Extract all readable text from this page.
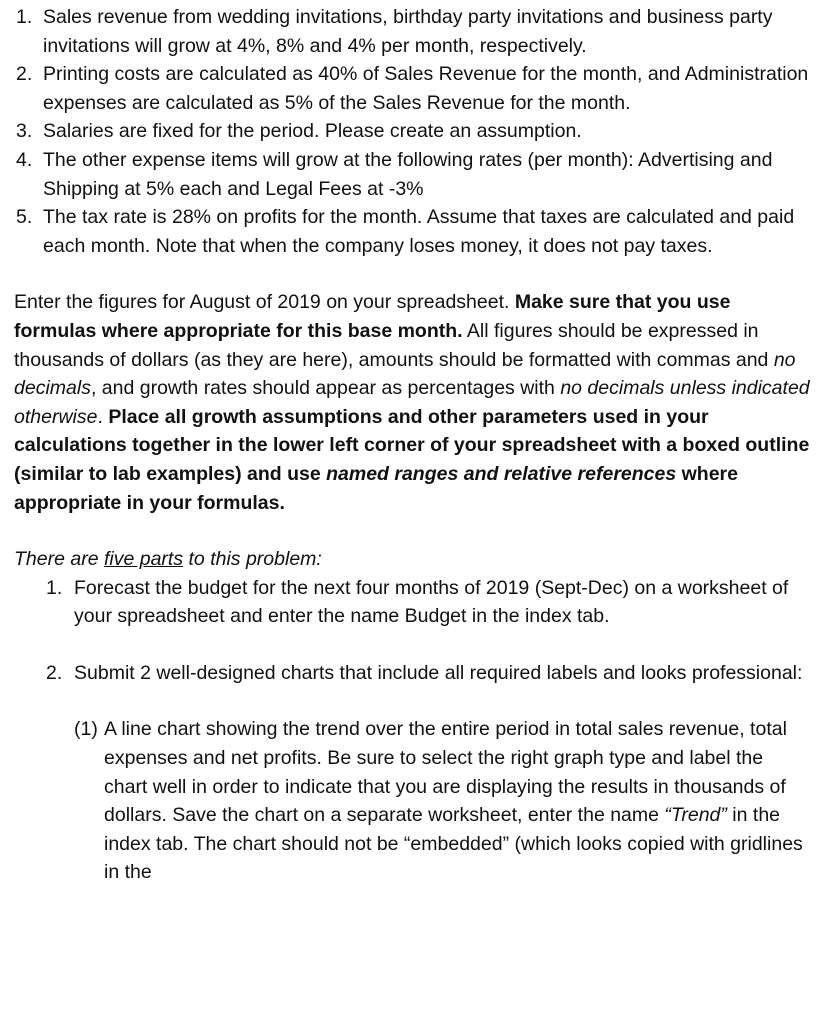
1. Sales revenue from wedding invitations, birthday party invitations and business party invitations will grow at 4%, 8% and 4% per month, respectively.
2. Printing costs are calculated as 40% of Sales Revenue for the month, and Administration expenses are calculated as 5% of the Sales Revenue for the month.
3. Salaries are fixed for the period. Please create an assumption.
4. The other expense items will grow at the following rates (per month): Advertising and Shipping at 5% each and Legal Fees at -3%
5. The tax rate is 28% on profits for the month. Assume that taxes are calculated and paid each month. Note that when the company loses money, it does not pay taxes.

Enter the figures for August of 2019 on your spreadsheet. Make sure that you use formulas where appropriate for this base month. All figures should be expressed in thousands of dollars (as they are here), amounts should be formatted with commas and no decimals, and growth rates should appear as percentages with no decimals unless indicated otherwise. Place all growth assumptions and other parameters used in your calculations together in the lower left corner of your spreadsheet with a boxed outline (similar to lab examples) and use named ranges and relative references where appropriate in your formulas.

There are five parts to this problem:

1. Forecast the budget for the next four months of 2019 (Sept-Dec) on a worksheet of your spreadsheet and enter the name Budget in the index tab.
2. Submit 2 well-designed charts that include all required labels and looks professional:
(1) A line chart showing the trend over the entire period in total sales revenue, total expenses and net profits. Be sure to select the right graph type and label the chart well in order to indicate that you are displaying the results in thousands of dollars. Save the chart on a separate worksheet, enter the name “Trend” in the index tab. The chart should not be “embedded” (which looks copied with gridlines in the
